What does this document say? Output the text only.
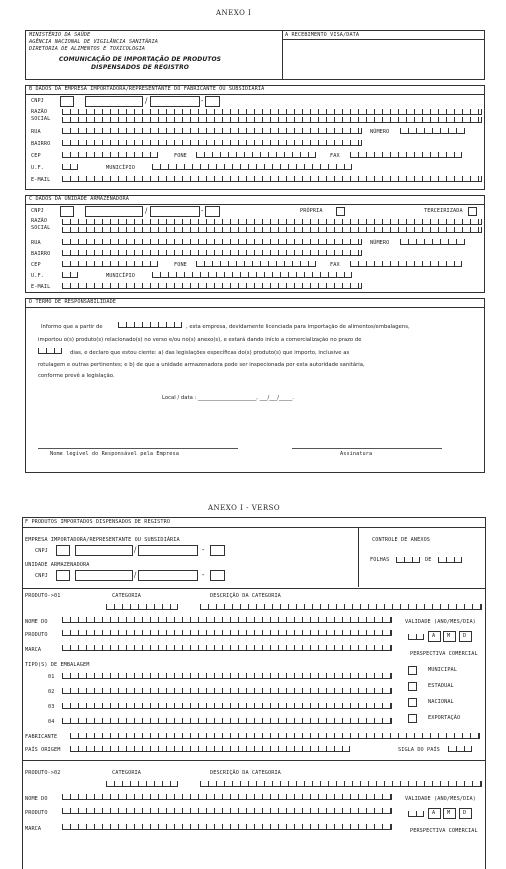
ANEXO I
MINISTÉRIO DA SAÚDE
AGÊNCIA NACIONAL DE VIGILÂNCIA SANITÁRIA
DIRETORIA DE ALIMENTOS E TOXICOLOGIA
COMUNICAÇÃO DE IMPORTAÇÃO DE PRODUTOS
DISPENSADOS DE REGISTRO
A RECEBIMENTO VISA/DATA
B DADOS DA EMPRESA IMPORTADORA/REPRESENTANTE DO FABRICANTE OU SUBSIDIÁRIA
CNPJ	/	-
RAZÃO
SOCIAL
RUA	NÚMERO
BAIRRO
CEP	FONE	FAX
U.F.	MUNICÍPIO
E-MAIL
C DADOS DA UNIDADE ARMAZENADORA
CNPJ	/	-	PRÓPRIA	TERCEIRIZADA
RAZÃO
SOCIAL
RUA	NÚMERO
BAIRRO
CEP	FONE	FAX
U.F.	MUNICÍPIO
E-MAIL
D TERMO DE RESPONSABILIDADE
Informo que a partir de	, esta empresa, devidamente licenciada para importação de alimentos/embalagens,
importou o(s) produto(s) relacionado(s) no verso e/ou no(s) anexo(s), e estará dando início a comercialização no prazo de
dias, e declaro que estou ciente: a) das legislações específicas do(s) produto(s) que importo, inclusive as
rotulagem e outras pertinentes; e b) de que a unidade armazenadora pode ser inspecionada por esta autoridade sanitária,
conforme prevê a legislação.
Local / data : ______________________, ___/___/_____.
Nome legível do Responsável pela Empresa	Assinatura
ANEXO I - VERSO
F PRODUTOS IMPORTADOS DISPENSADOS DE REGISTRO
EMPRESA IMPORTADORA/REPRESENTANTE OU SUBSIDIÁRIA
CNPJ	/	-
UNIDADE ARMAZENADORA
CNPJ	/	-
CONTROLE DE ANEXOS
FOLHAS	DE
PRODUTO->01	CATEGORIA	DESCRIÇÃO DA CATEGORIA
NOME DO
PRODUTO
MARCA
VALIDADE (ANO/MES/DIA)
A M D
PERSPECTIVA COMERCIAL
MUNICIPAL
ESTADUAL
NACIONAL
EXPORTAÇÃO
TIPO(S) DE EMBALAGEM
01
02
03
04
FABRICANTE
PAÍS ORIGEM	SIGLA DO PAÍS
PRODUTO->02	CATEGORIA	DESCRIÇÃO DA CATEGORIA
NOME DO
PRODUTO
MARCA
VALIDADE (ANO/MES/DIA)
A M D
PERSPECTIVA COMERCIAL
